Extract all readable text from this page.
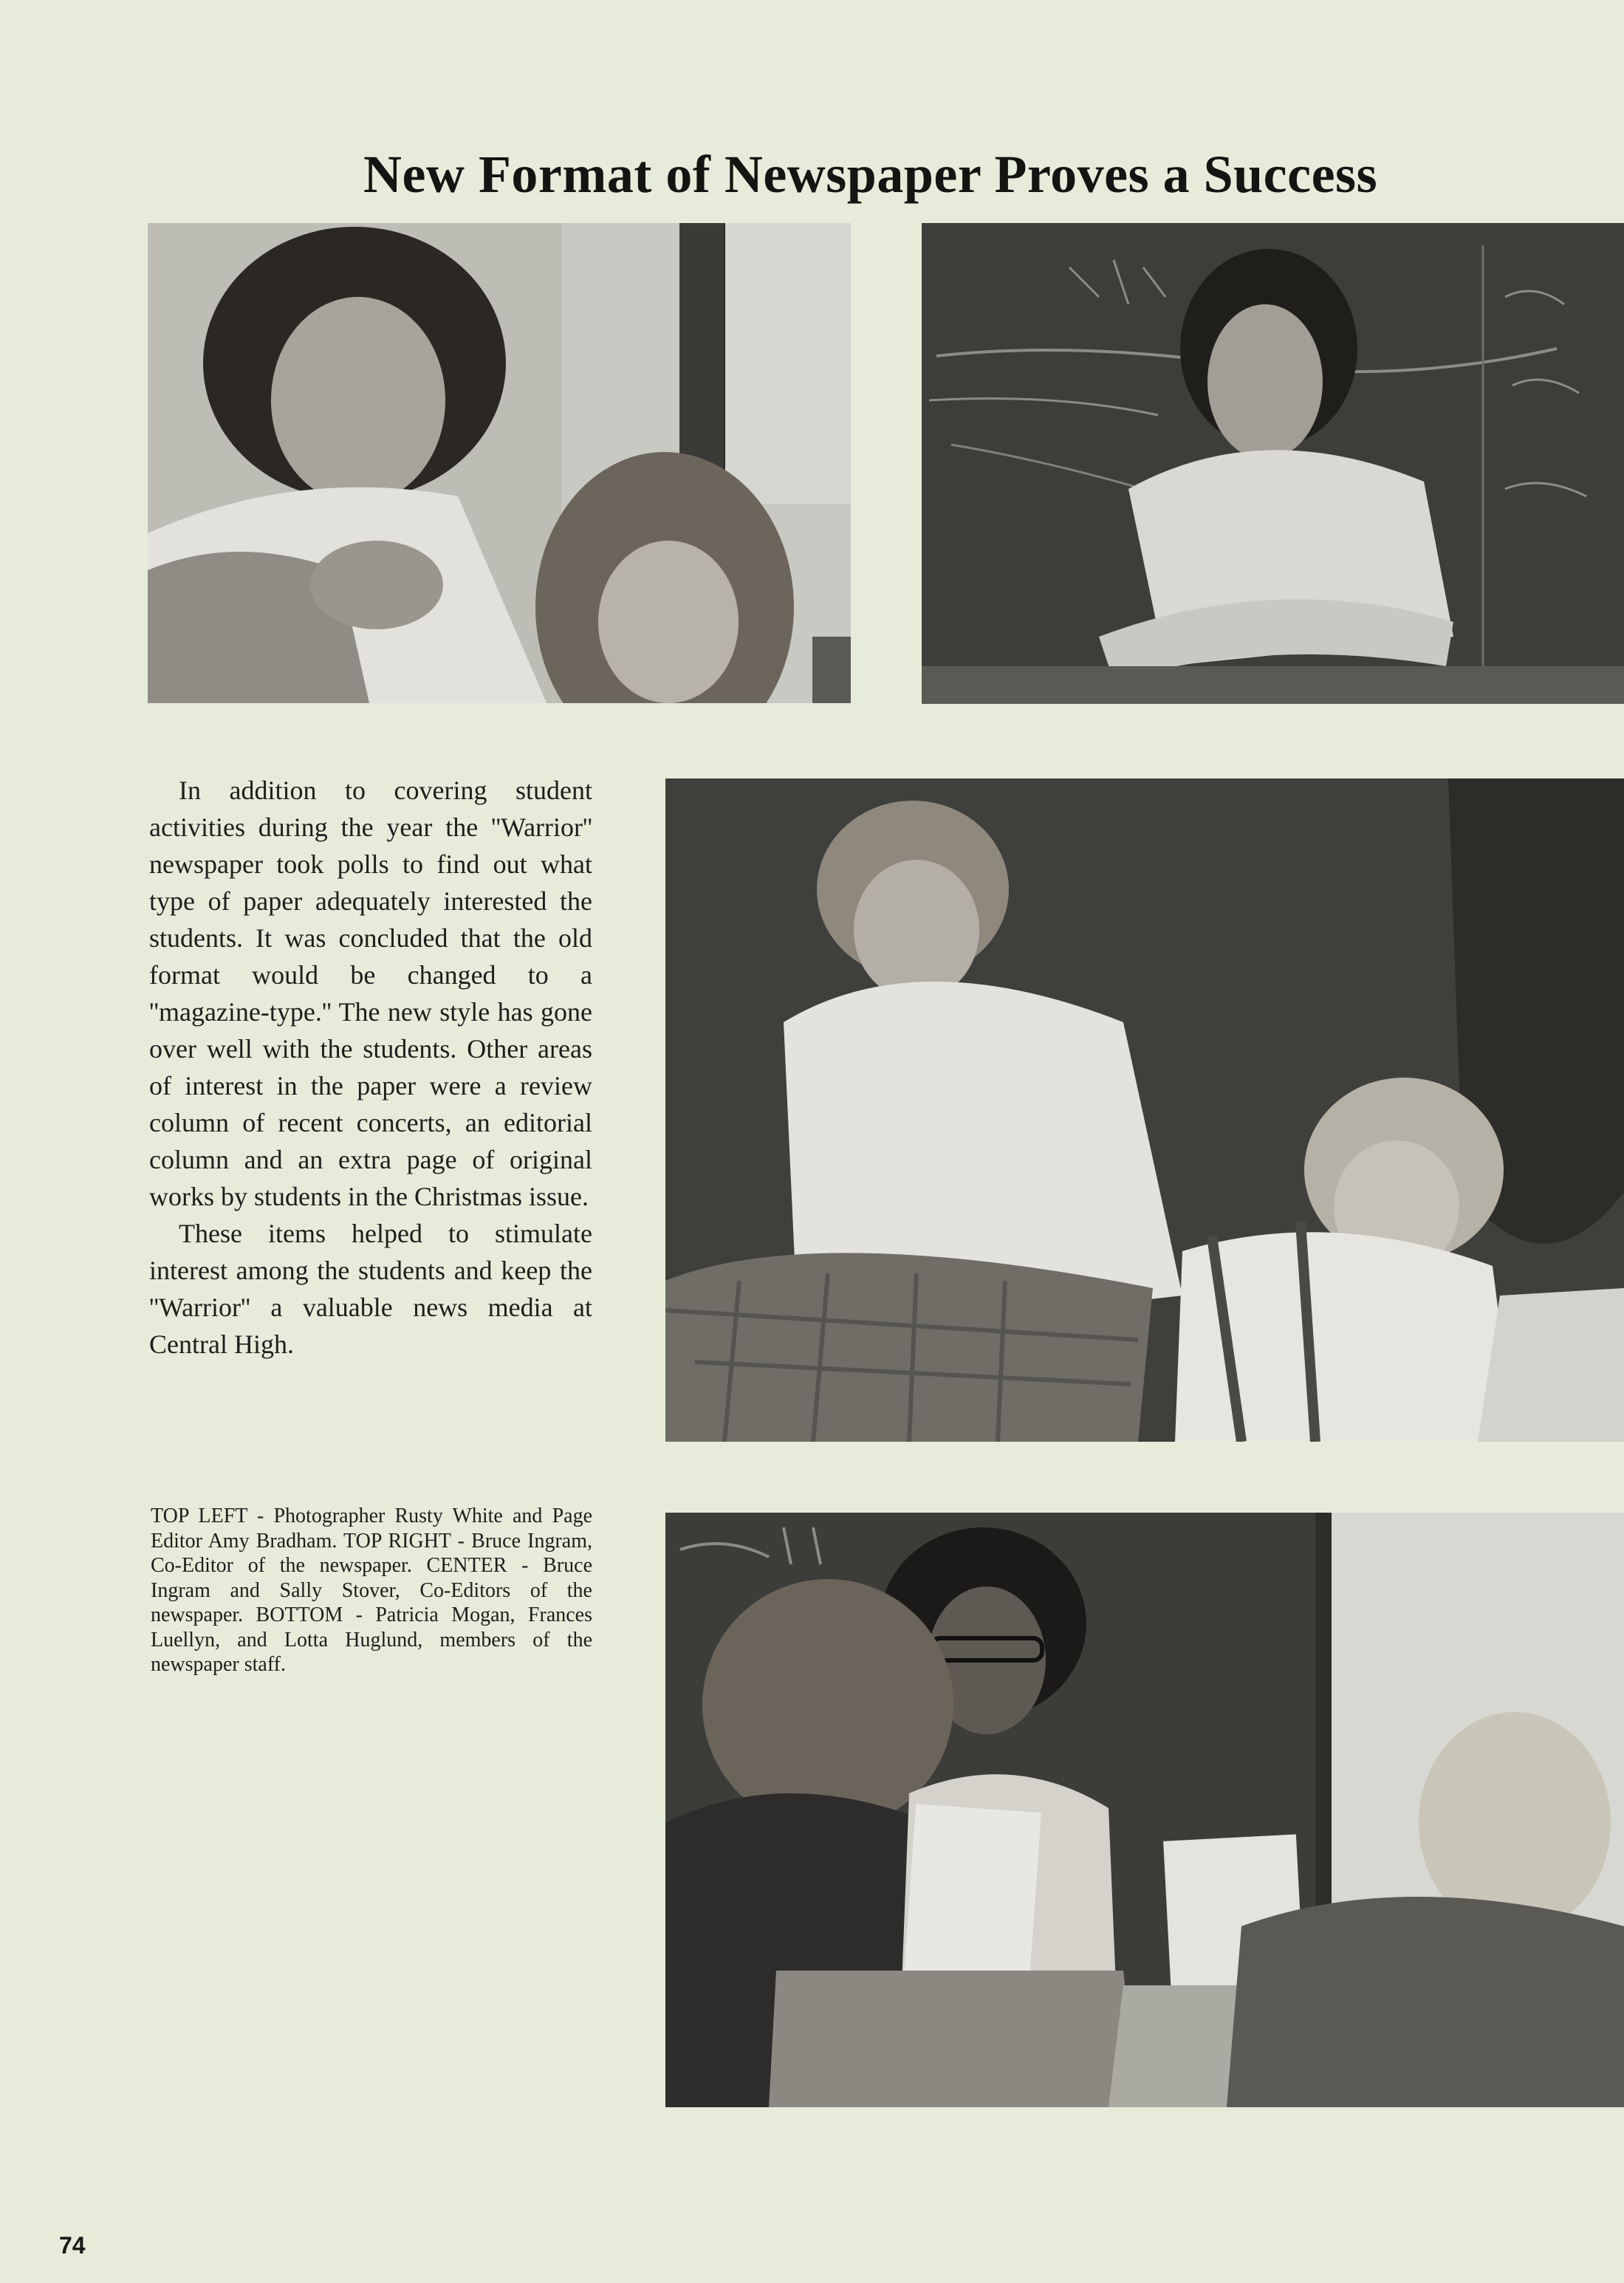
New Format of Newspaper Proves a Success

In addition to covering student activities during the year the ''Warrior'' newspaper took polls to find out what type of paper adequately interested the students. It was concluded that the old format would be changed to a ''magazine-type.'' The new style has gone over well with the students. Other areas of interest in the paper were a review column of recent concerts, an editorial column and an extra page of original works by students in the Christmas issue.

These items helped to stimulate interest among the students and keep the ''Warrior'' a valuable news media at Central High.

TOP LEFT - Photographer Rusty White and Page Editor Amy Bradham. TOP RIGHT - Bruce Ingram, Co-Editor of the newspaper. CENTER - Bruce Ingram and Sally Stover, Co-Editors of the newspaper. BOTTOM - Patricia Mogan, Frances Luellyn, and Lotta Huglund, members of the newspaper staff.
74
